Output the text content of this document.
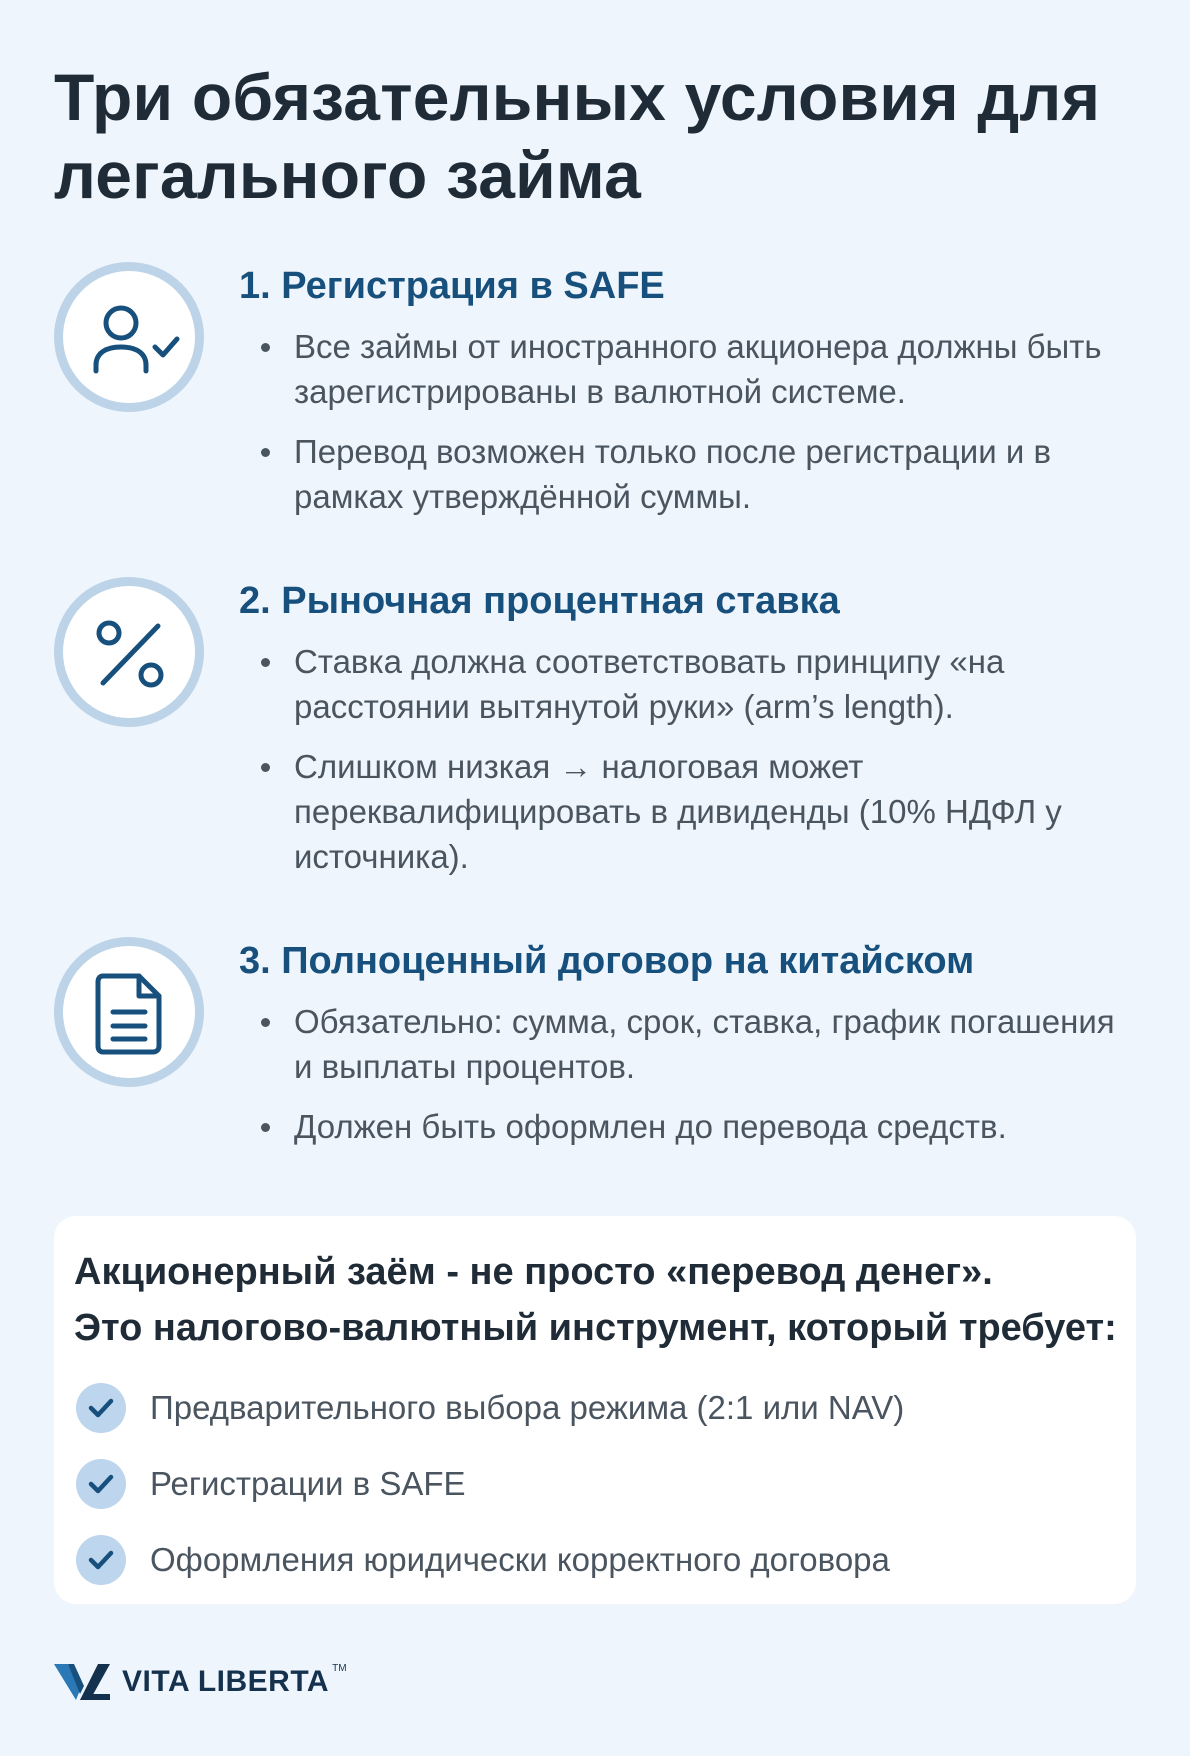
Три обязательных условия для легального займа
1. Регистрация в SAFE
Все займы от иностранного акционера должны быть зарегистрированы в валютной системе.
Перевод возможен только после регистрации и в рамках утверждённой суммы.
2. Рыночная процентная ставка
Ставка должна соответствовать принципу «на расстоянии вытянутой руки» (arm’s length).
Слишком низкая → налоговая может переквалифицировать в дивиденды (10% НДФЛ у источника).
3. Полноценный договор на китайском
Обязательно: сумма, срок, ставка, график погашения и выплаты процентов.
Должен быть оформлен до перевода средств.

Акционерный заём - не просто «перевод денег».
Это налогово-валютный инструмент, который требует:

Предварительного выбора режима (2:1 или NAV)
Регистрации в SAFE
Оформления юридически корректного договора
VITA LIBERTA TM
